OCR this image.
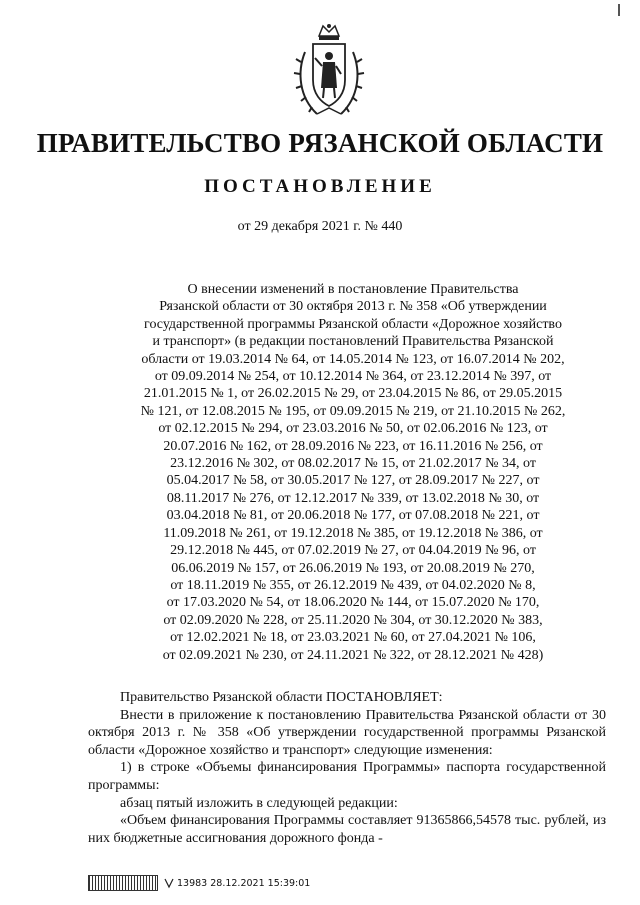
ПРАВИТЕЛЬСТВО РЯЗАНСКОЙ ОБЛАСТИ
ПОСТАНОВЛЕНИЕ
от 29 декабря 2021 г. № 440
О внесении изменений в постановление Правительства
Рязанской области от 30 октября 2013 г. № 358 «Об утверждении
государственной программы Рязанской области «Дорожное хозяйство
и транспорт» (в редакции постановлений Правительства Рязанской
области от 19.03.2014 № 64, от 14.05.2014 № 123, от 16.07.2014 № 202,
от 09.09.2014 № 254, от 10.12.2014 № 364, от 23.12.2014 № 397, от
21.01.2015 № 1, от 26.02.2015 № 29, от 23.04.2015 № 86, от 29.05.2015
№ 121, от 12.08.2015 № 195, от 09.09.2015 № 219, от 21.10.2015 № 262,
от 02.12.2015 № 294, от 23.03.2016 № 50, от 02.06.2016 № 123, от
20.07.2016 № 162, от 28.09.2016 № 223, от 16.11.2016 № 256, от
23.12.2016 № 302, от 08.02.2017 № 15, от 21.02.2017 № 34, от
05.04.2017 № 58, от 30.05.2017 № 127, от 28.09.2017 № 227, от
08.11.2017 № 276, от 12.12.2017 № 339, от 13.02.2018 № 30, от
03.04.2018 № 81, от 20.06.2018 № 177, от 07.08.2018 № 221, от
11.09.2018 № 261, от 19.12.2018 № 385, от 19.12.2018 № 386, от
29.12.2018 № 445, от 07.02.2019 № 27, от 04.04.2019 № 96, от
06.06.2019 № 157, от 26.06.2019 № 193, от 20.08.2019 № 270,
от 18.11.2019 № 355, от 26.12.2019 № 439, от 04.02.2020 № 8,
от 17.03.2020 № 54, от 18.06.2020 № 144, от 15.07.2020 № 170,
от 02.09.2020 № 228, от 25.11.2020 № 304, от 30.12.2020 № 383,
от 12.02.2021 № 18, от 23.03.2021 № 60, от 27.04.2021 № 106,
от 02.09.2021 № 230, от 24.11.2021 № 322, от 28.12.2021 № 428)

Правительство Рязанской области ПОСТАНОВЛЯЕТ:

Внести в приложение к постановлению Правительства Рязанской области от 30 октября 2013 г. № 358 «Об утверждении государственной программы Рязанской области «Дорожное хозяйство и транспорт» следующие изменения:

1) в строке «Объемы финансирования Программы» паспорта государственной программы:

абзац пятый изложить в следующей редакции:

«Объем финансирования Программы составляет 91365866,54578 тыс. рублей, из них бюджетные ассигнования дорожного фонда -

13983 28.12.2021 15:39:01
